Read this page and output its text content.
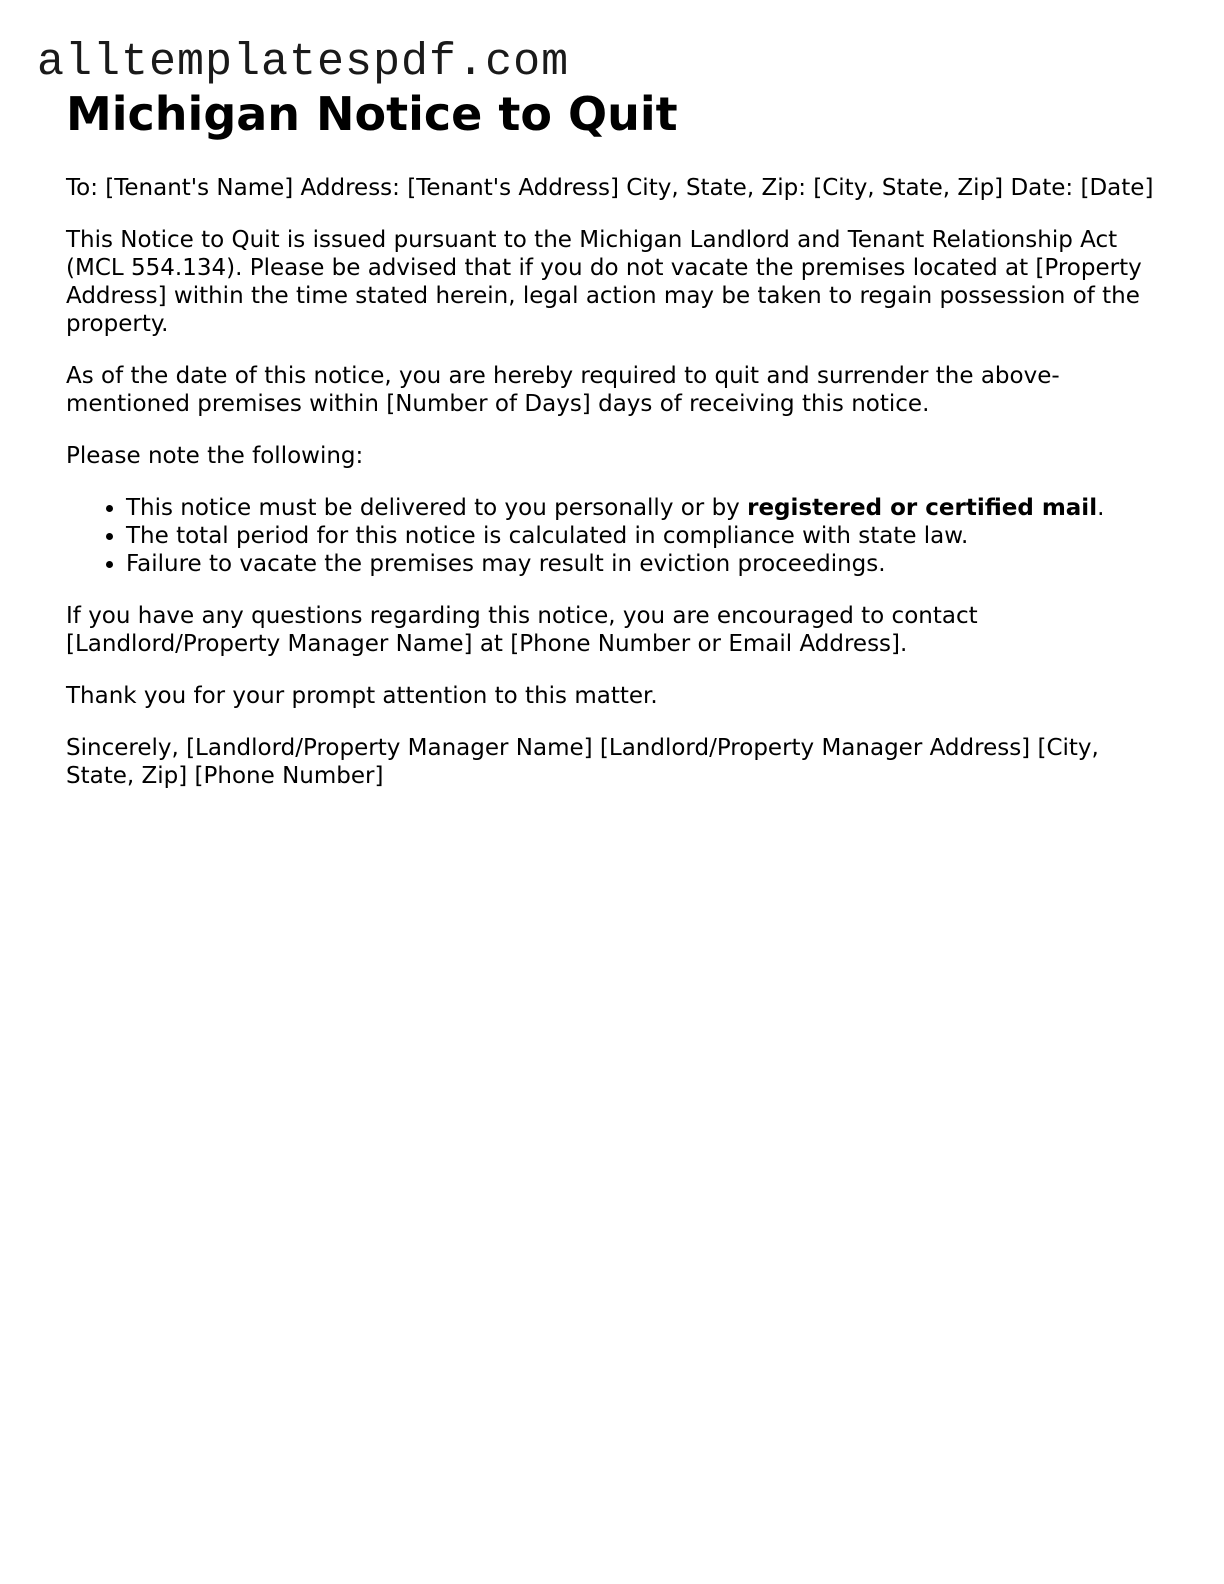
alltemplatespdf.com
Michigan Notice to Quit

To: [Tenant's Name] Address: [Tenant's Address] City, State, Zip: [City, State, Zip] Date: [Date]

This Notice to Quit is issued pursuant to the Michigan Landlord and Tenant Relationship Act (MCL 554.134). Please be advised that if you do not vacate the premises located at [Property Address] within the time stated herein, legal action may be taken to regain possession of the property.

As of the date of this notice, you are hereby required to quit and surrender the above-mentioned premises within [Number of Days] days of receiving this notice.

Please note the following:

• This notice must be delivered to you personally or by registered or certified mail.
• The total period for this notice is calculated in compliance with state law.
• Failure to vacate the premises may result in eviction proceedings.

If you have any questions regarding this notice, you are encouraged to contact [Landlord/Property Manager Name] at [Phone Number or Email Address].

Thank you for your prompt attention to this matter.

Sincerely, [Landlord/Property Manager Name] [Landlord/Property Manager Address] [City, State, Zip] [Phone Number]
